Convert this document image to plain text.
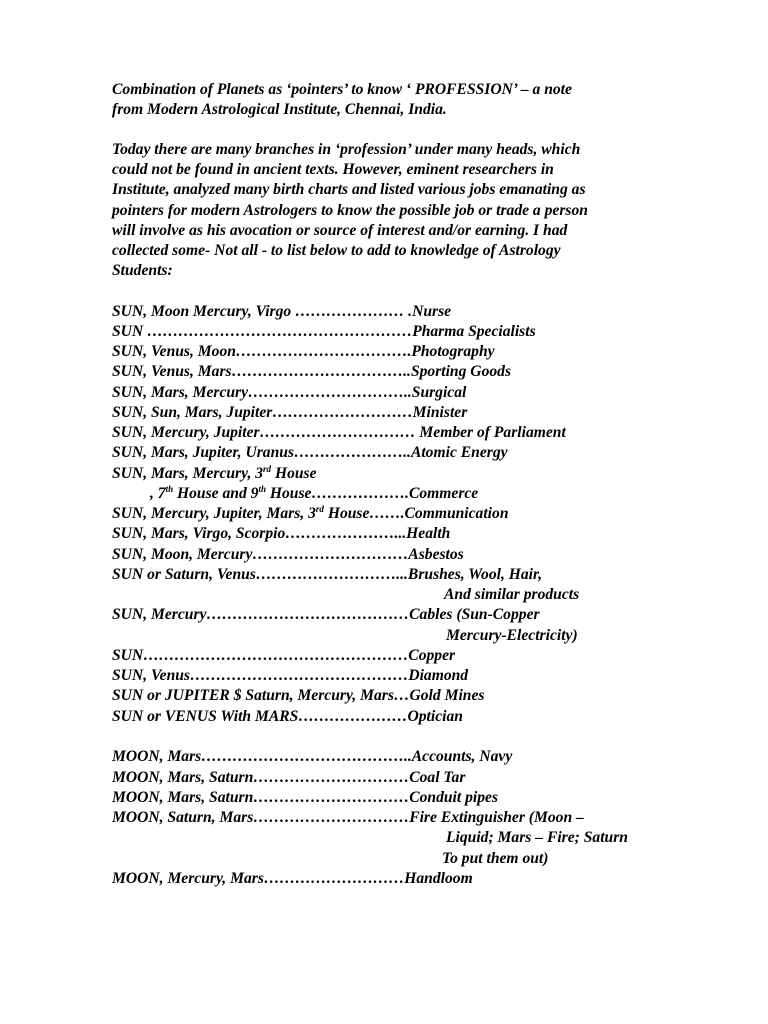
Combination of Planets as ‘pointers’ to know ‘ PROFESSION’ – a note
from Modern Astrological Institute, Chennai, India.

Today there are many branches in ‘profession’ under many heads, which
could not be found in ancient texts. However, eminent researchers in
Institute, analyzed many birth charts and listed various jobs emanating as
pointers for modern Astrologers to know the possible job or trade a person
will involve as his avocation or source of interest and/or earning. I had
collected some- Not all - to list below to add to knowledge of Astrology
Students:

SUN, Moon Mercury, Virgo ………………… .Nurse
SUN ……………………………………………Pharma Specialists
SUN, Venus, Moon…………………………….Photography
SUN, Venus, Mars……………………………..Sporting Goods
SUN, Mars, Mercury…………………………..Surgical
SUN, Sun, Mars, Jupiter………………………Minister
SUN, Mercury, Jupiter………………………… Member of Parliament
SUN, Mars, Jupiter, Uranus…………………..Atomic Energy
SUN, Mars, Mercury, 3rd House
, 7th House and 9th House……………….Commerce
SUN, Mercury, Jupiter, Mars, 3rd House…….Communication
SUN, Mars, Virgo, Scorpio…………………...Health
SUN, Moon, Mercury…………………………Asbestos
SUN or Saturn, Venus………………………...Brushes, Wool, Hair,
And similar products
SUN, Mercury…………………………………Cables (Sun-Copper
Mercury-Electricity)
SUN……………………………………………Copper
SUN, Venus……………………………………Diamond
SUN or JUPITER $ Saturn, Mercury, Mars…Gold Mines
SUN or VENUS With MARS…………………Optician
MOON, Mars…………………………………..Accounts, Navy
MOON, Mars, Saturn…………………………Coal Tar
MOON, Mars, Saturn…………………………Conduit pipes
MOON, Saturn, Mars…………………………Fire Extinguisher (Moon –
Liquid; Mars – Fire; Saturn
To put them out)
MOON, Mercury, Mars………………………Handloom
